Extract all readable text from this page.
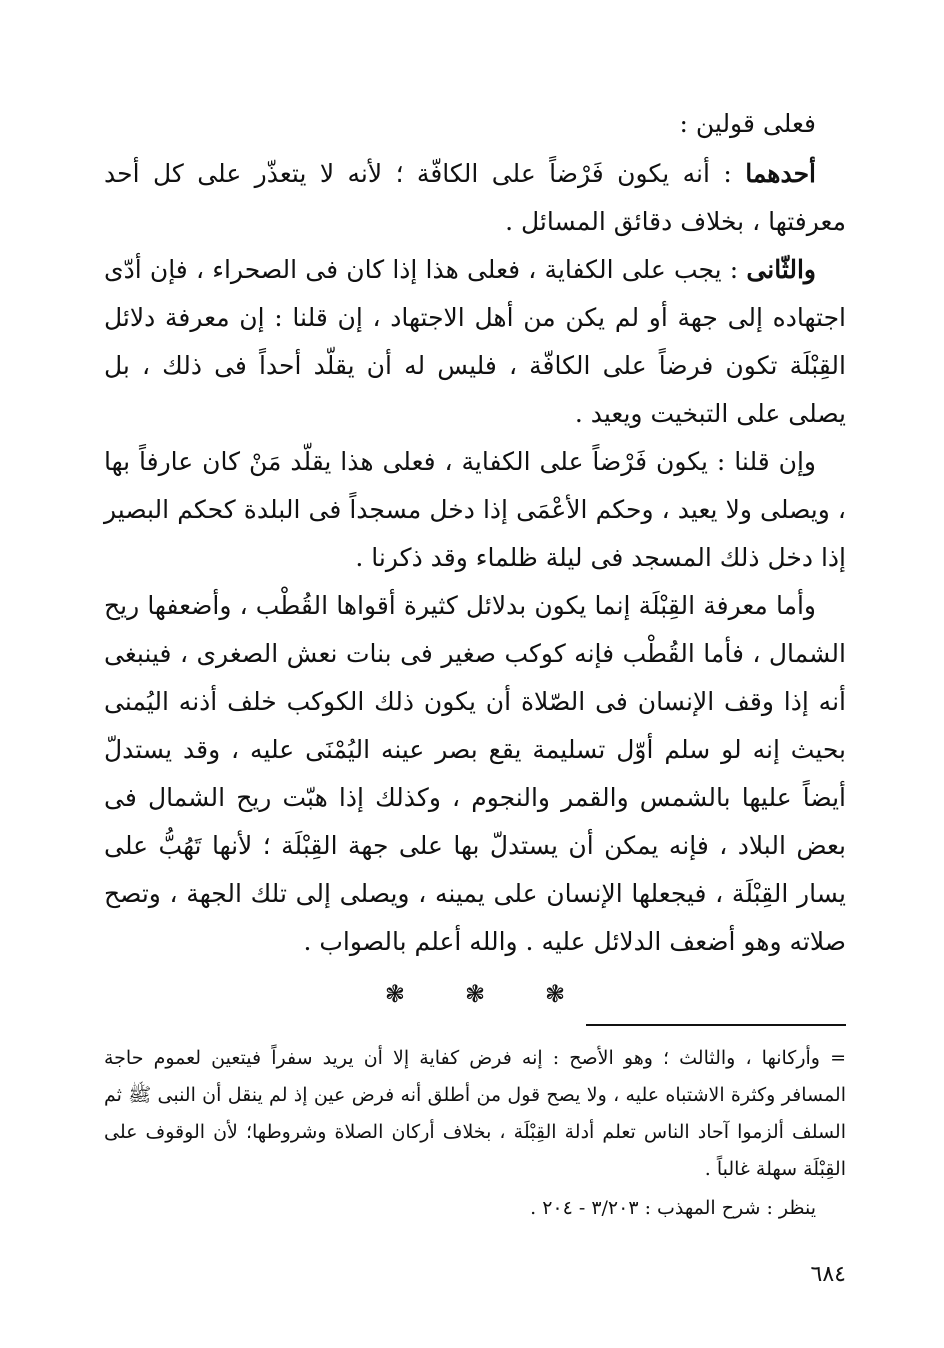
فعلى قولين :

أحدهما : أنه يكون فَرْضاً على الكافّة ؛ لأنه لا يتعذّر على كل أحد معرفتها ، بخلاف دقائق المسائل .

والثّانى : يجب على الكفاية ، فعلى هذا إذا كان فى الصحراء ، فإن أدّى اجتهاده إلى جهة أو لم يكن من أهل الاجتهاد ، إن قلنا : إن معرفة دلائل القِبْلَة تكون فرضاً على الكافّة ، فليس له أن يقلّد أحداً فى ذلك ، بل يصلى على التبخيت ويعيد .

وإن قلنا : يكون فَرْضاً على الكفاية ، فعلى هذا يقلّد مَنْ كان عارفاً بها ، ويصلى ولا يعيد ، وحكم الأعْمَى إذا دخل مسجداً فى البلدة كحكم البصير إذا دخل ذلك المسجد فى ليلة ظلماء وقد ذكرنا .

وأما معرفة القِبْلَة إنما يكون بدلائل كثيرة أقواها القُطْب ، وأضعفها ريح الشمال ، فأما القُطْب فإنه كوكب صغير فى بنات نعش الصغرى ، فينبغى أنه إذا وقف الإنسان فى الصّلاة أن يكون ذلك الكوكب خلف أذنه اليُمنى بحيث إنه لو سلم أوّل تسليمة يقع بصر عينه اليُمْنَى عليه ، وقد يستدلّ أيضاً عليها بالشمس والقمر والنجوم ، وكذلك إذا هبّت ريح الشمال فى بعض البلاد ، فإنه يمكن أن يستدلّ بها على جهة القِبْلَة ؛ لأنها تَهُبُّ على يسار القِبْلَة ، فيجعلها الإنسان على يمينه ، ويصلى إلى تلك الجهة ، وتصح صلاته وهو أضعف الدلائل عليه . والله أعلم بالصواب .

❃	❃	❃

= وأركانها ، والثالث ؛ وهو الأصح : إنه فرض كفاية إلا أن يريد سفراً فيتعين لعموم حاجة المسافر وكثرة الاشتباه عليه ، ولا يصح قول من أطلق أنه فرض عين إذ لم ينقل أن النبى ﷺ ثم السلف ألزموا آحاد الناس تعلم أدلة القِبْلَة ، بخلاف أركان الصلاة وشروطها؛ لأن الوقوف على القِبْلَة سهلة غالباً .

ينظر : شرح المهذب : ٣/٢٠٣ - ٢٠٤ .

٦٨٤
